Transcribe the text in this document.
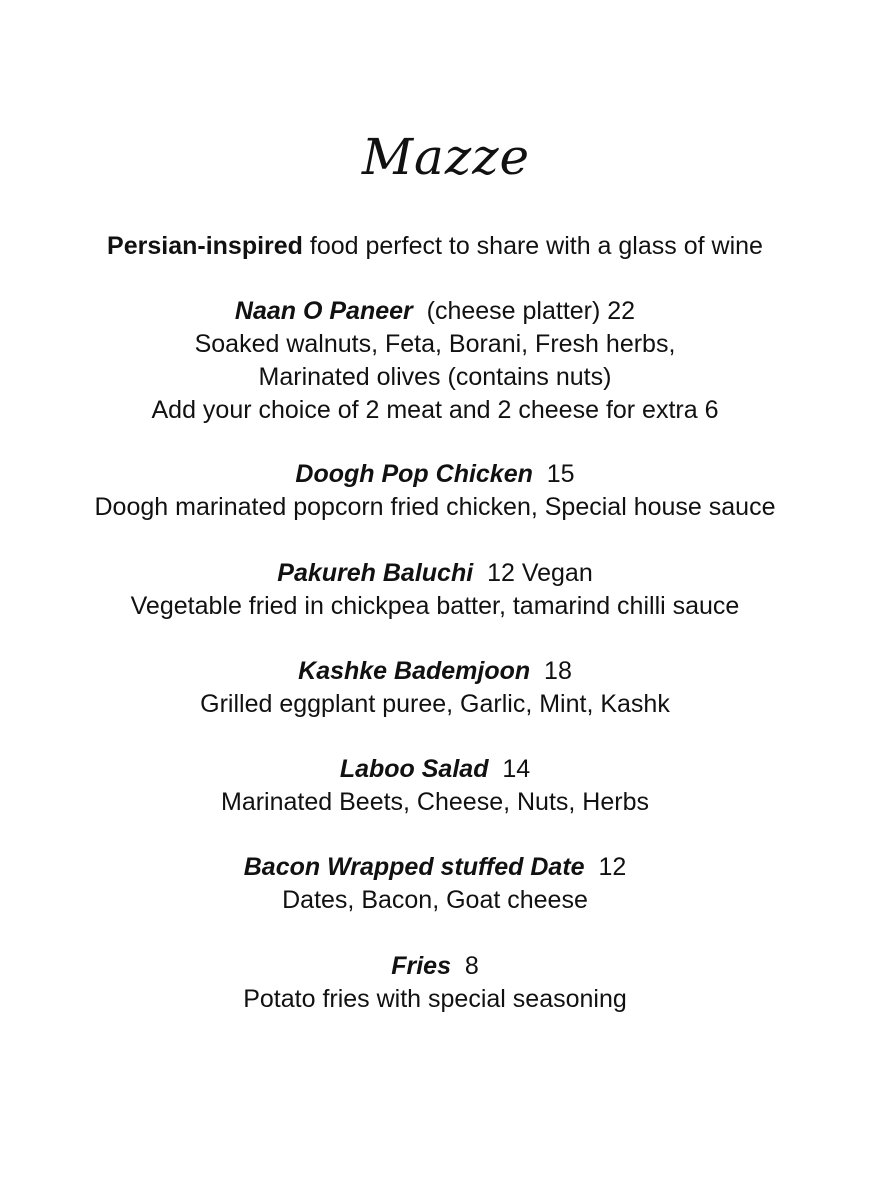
Mazze
Persian-inspired food perfect to share with a glass of wine
Naan O Paneer  (cheese platter) 22
Soaked walnuts, Feta, Borani, Fresh herbs,
Marinated olives (contains nuts)
Add your choice of 2 meat and 2 cheese for extra 6
Doogh Pop Chicken  15
Doogh marinated popcorn fried chicken, Special house sauce
Pakureh Baluchi  12 Vegan
Vegetable fried in chickpea batter, tamarind chilli sauce
Kashke Bademjoon  18
Grilled eggplant puree, Garlic, Mint, Kashk
Laboo Salad  14
Marinated Beets, Cheese, Nuts, Herbs
Bacon Wrapped stuffed Date  12
Dates, Bacon, Goat cheese
Fries  8
Potato fries with special seasoning
